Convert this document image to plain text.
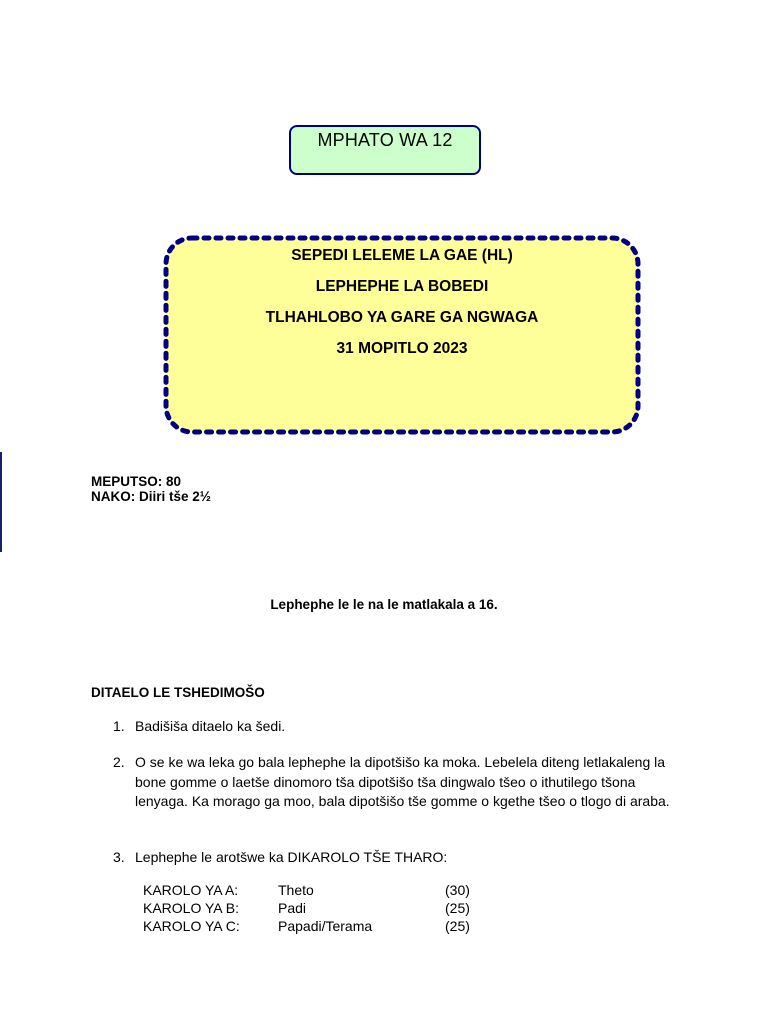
MPHATO WA 12
SEPEDI LELEME LA GAE (HL)
LEPHEPHE LA BOBEDI
TLHAHLOBO YA GARE GA NGWAGA
31 MOPITLO 2023
MEPUTSO: 80
NAKO: Diiri tše 2½
Lephephe le le na le matlakala a 16.
DITAELO LE TSHEDIMOŠO
1. Badišiša ditaelo ka šedi.
2. O se ke wa leka go bala lephephe la dipotšišo ka moka. Lebelela diteng letlakaleng la bone gomme o laetše dinomoro tša dipotšišo tša dingwalo tšeo o ithutilego tšona lenyaga. Ka morago ga moo, bala dipotšišo tše gomme o kgethe tšeo o tlogo di araba.
3. Lephephe le arotšwe ka DIKAROLO TŠE THARO:
KAROLO YA A:	Theto	(30)
KAROLO YA B:	Padi	(25)
KAROLO YA C:	Papadi/Terama	(25)
